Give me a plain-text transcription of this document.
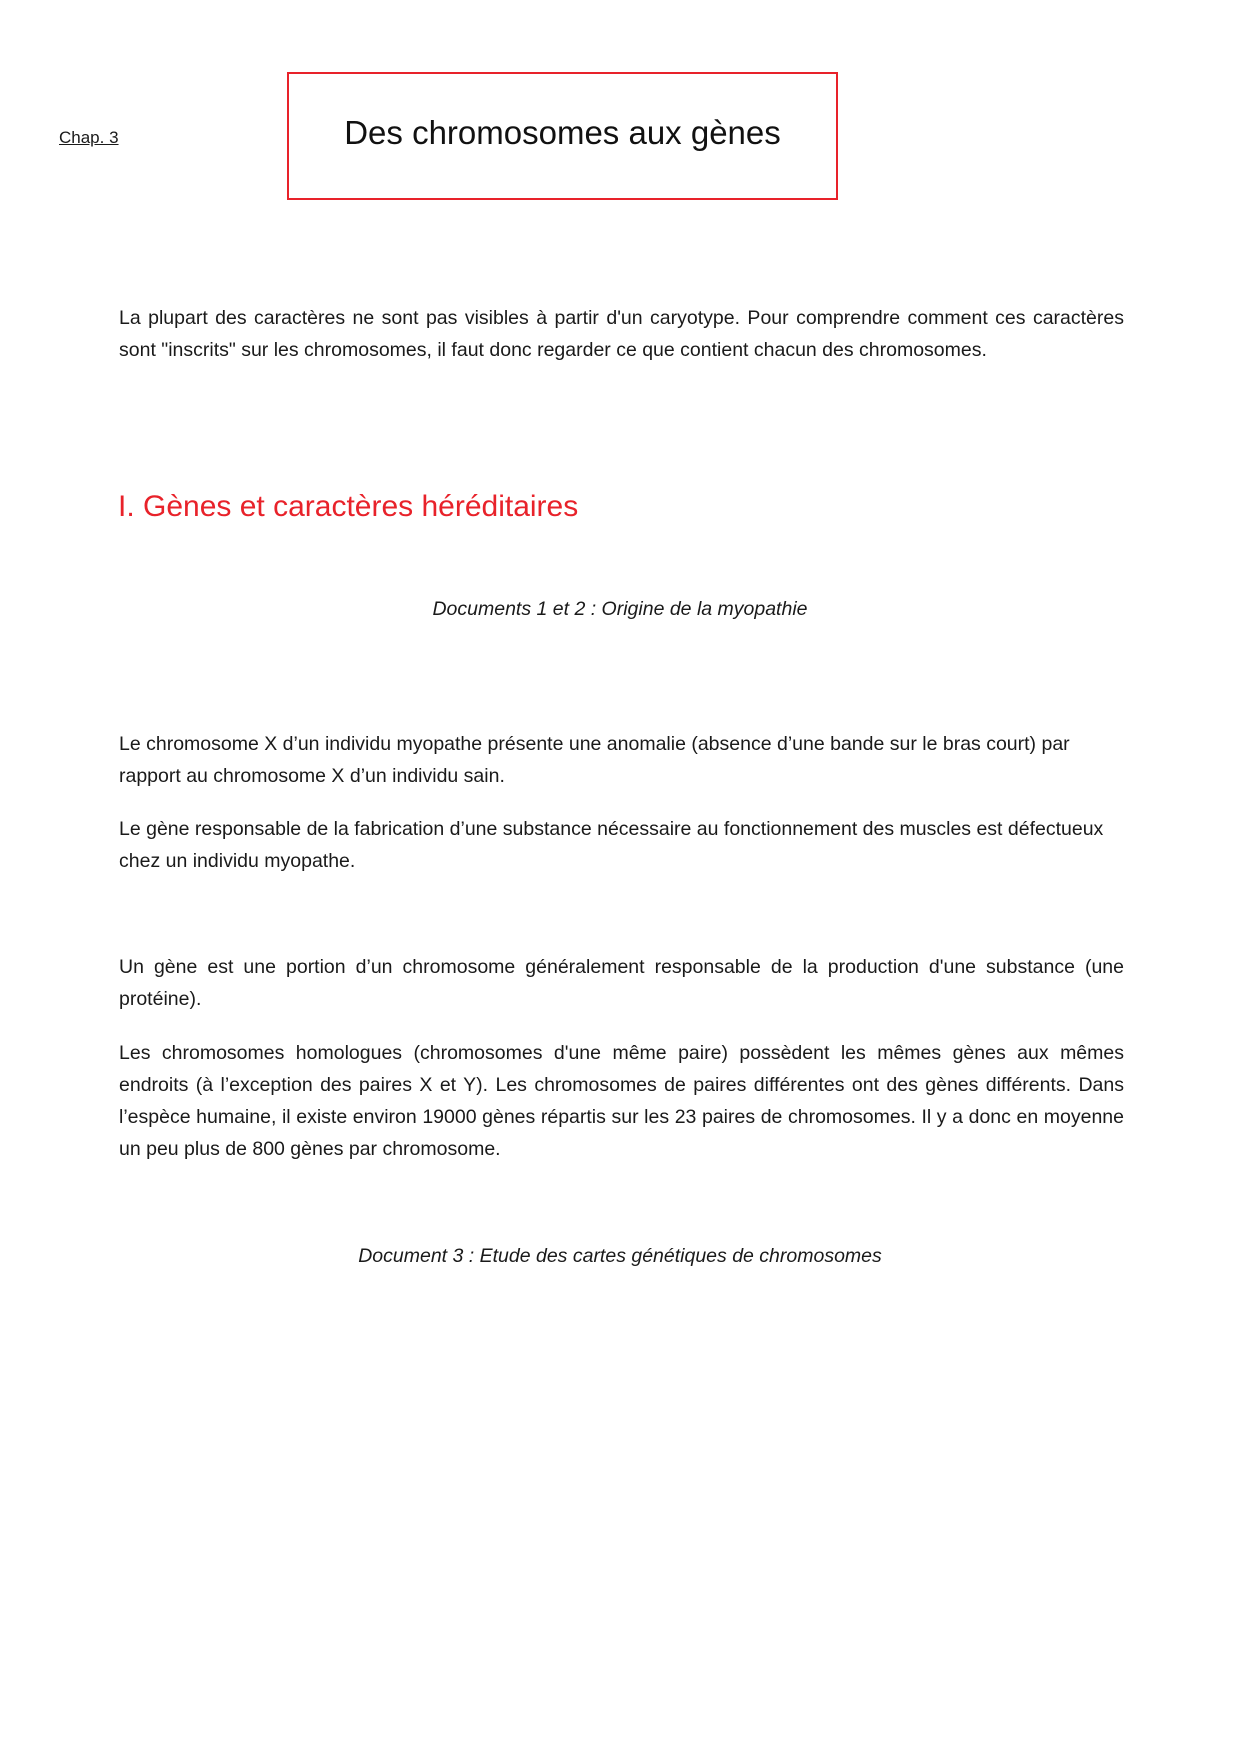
Chap. 3	Des chromosomes aux gènes

La plupart des caractères ne sont pas visibles à partir d'un caryotype. Pour comprendre comment ces caractères sont "inscrits" sur les chromosomes, il faut donc regarder ce que contient chacun des chromosomes.

I. Gènes et caractères héréditaires

Documents 1 et 2 : Origine de la myopathie

Le chromosome X d’un individu myopathe présente une anomalie (absence d’une bande sur le bras court) par rapport au chromosome X d’un individu sain.

Le gène responsable de la fabrication d’une substance nécessaire au fonctionnement des muscles est défectueux chez un individu myopathe.

Un gène est une portion d’un chromosome généralement responsable de la production d'une substance (une protéine).

Les chromosomes homologues (chromosomes d'une même paire) possèdent les mêmes gènes aux mêmes endroits (à l’exception des paires X et Y). Les chromosomes de paires différentes ont des gènes différents. Dans l’espèce humaine, il existe environ 19000 gènes répartis sur les 23 paires de chromosomes. Il y a donc en moyenne un peu plus de 800 gènes par chromosome.

Document 3 : Etude des cartes génétiques de chromosomes
